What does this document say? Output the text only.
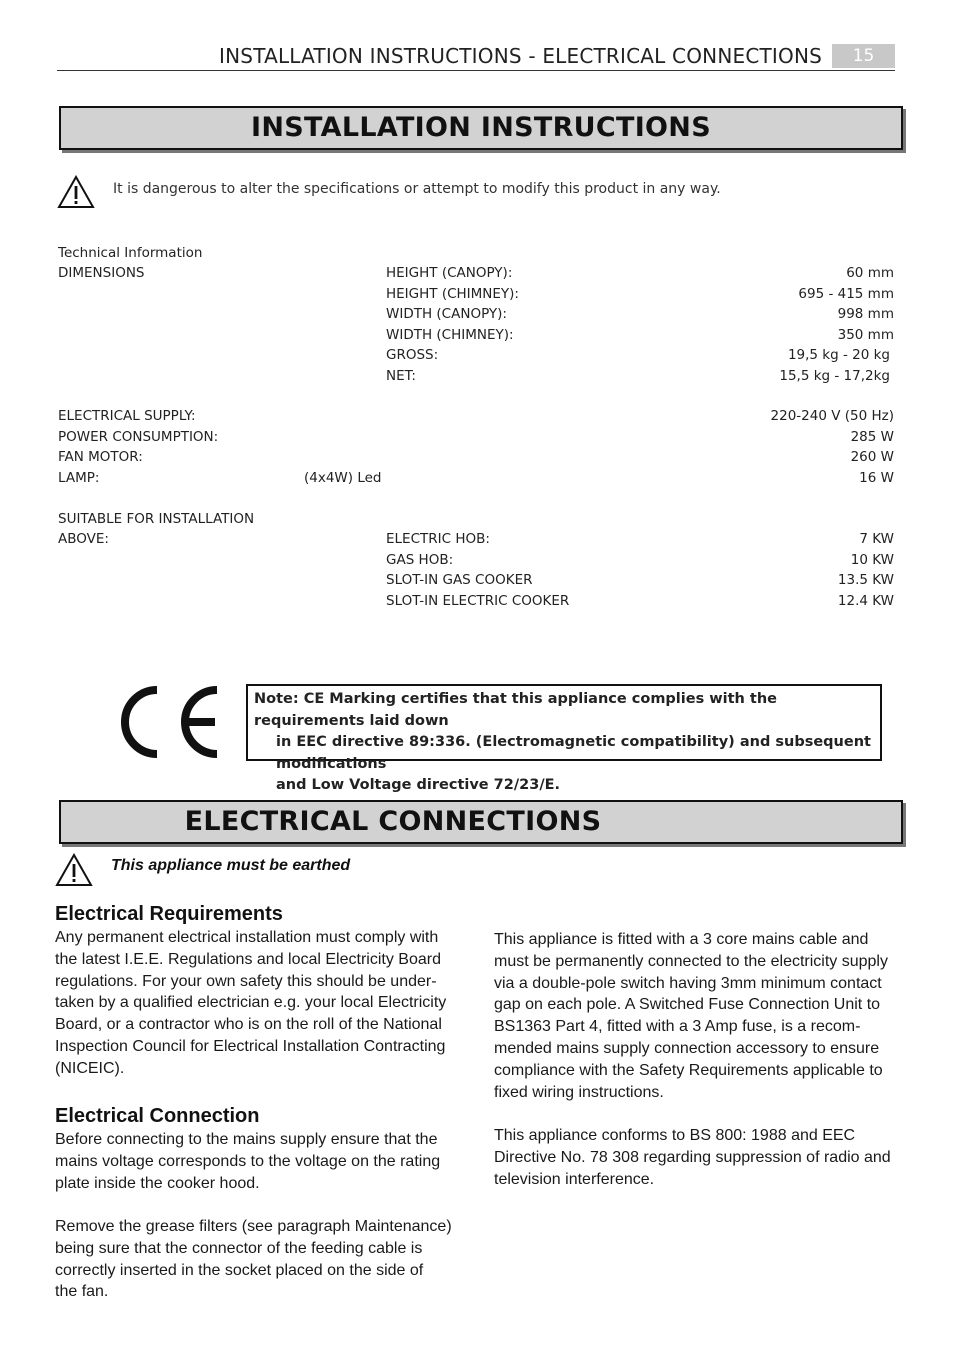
INSTALLATION INSTRUCTIONS - ELECTRICAL CONNECTIONS	15
INSTALLATION INSTRUCTIONS
It is dangerous to alter the specifications or attempt to modify this product in any way.
Technical Information
DIMENSIONS	HEIGHT (CANOPY):	60 mm
HEIGHT (CHIMNEY):	695 - 415 mm
WIDTH (CANOPY):	998 mm
WIDTH (CHIMNEY):	350 mm
GROSS:	19,5 kg - 20 kg
NET:	15,5 kg - 17,2kg
ELECTRICAL SUPPLY:	220-240 V (50 Hz)
POWER CONSUMPTION:	285 W
FAN MOTOR:	260 W
LAMP:	(4x4W) Led	16 W
SUITABLE FOR INSTALLATION
ABOVE:	ELECTRIC HOB:	7 KW
GAS HOB:	10 KW
SLOT-IN GAS COOKER	13.5 KW
SLOT-IN ELECTRIC COOKER	12.4 KW
Note: CE Marking certifies that this appliance complies with the requirements laid down
in EEC directive 89:336. (Electromagnetic compatibility) and subsequent modifications
and Low Voltage directive 72/23/E.
ELECTRICAL CONNECTIONS
This appliance must be earthed
Electrical Requirements
Any permanent electrical installation must comply with
the latest I.E.E. Regulations and local Electricity Board
regulations. For your own safety this should be under-
taken by a qualified electrician e.g. your local Electricity
Board, or a contractor who is on the roll of the National
Inspection Council for Electrical Installation Contracting
(NICEIC).
Electrical Connection
Before connecting to the mains supply ensure that the
mains voltage corresponds to the voltage on the rating
plate inside the cooker hood.
Remove the grease filters (see paragraph Maintenance)
being sure that the connector of the feeding cable is
correctly inserted in the socket placed on the side of
the fan.
This appliance is fitted with a 3 core mains cable and
must be permanently connected to the electricity supply
via a double-pole switch having 3mm minimum contact
gap on each pole. A Switched Fuse Connection Unit to
BS1363 Part 4, fitted with a 3 Amp fuse, is a recom-
mended mains supply connection accessory to ensure
compliance with the Safety Requirements applicable to
fixed wiring instructions.
This appliance conforms to BS 800: 1988 and EEC
Directive No. 78 308 regarding suppression of radio and
television interference.
